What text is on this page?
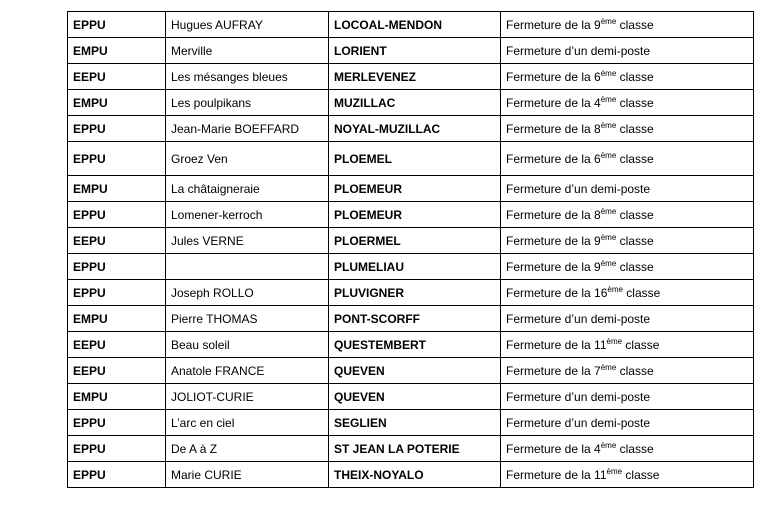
EPPU	Hugues AUFRAY	LOCOAL-MENDON	Fermeture de la 9ème classe
EMPU	Merville	LORIENT	Fermeture d’un demi-poste
EEPU	Les mésanges bleues	MERLEVENEZ	Fermeture de la 6ème classe
EMPU	Les poulpikans	MUZILLAC	Fermeture de la 4ème classe
EPPU	Jean-Marie BOEFFARD	NOYAL-MUZILLAC	Fermeture de la 8ème classe
EPPU	Groez Ven	PLOEMEL	Fermeture de la 6ème classe
EMPU	La châtaigneraie	PLOEMEUR	Fermeture d’un demi-poste
EPPU	Lomener-kerroch	PLOEMEUR	Fermeture de la 8ème classe
EEPU	Jules VERNE	PLOERMEL	Fermeture de la 9ème classe
EPPU		PLUMELIAU	Fermeture de la 9ème classe
EPPU	Joseph ROLLO	PLUVIGNER	Fermeture de la 16ème classe
EMPU	Pierre THOMAS	PONT-SCORFF	Fermeture d’un demi-poste
EEPU	Beau soleil	QUESTEMBERT	Fermeture de la 11ème classe
EEPU	Anatole FRANCE	QUEVEN	Fermeture de la 7ème classe
EMPU	JOLIOT-CURIE	QUEVEN	Fermeture d’un demi-poste
EPPU	L’arc en ciel	SEGLIEN	Fermeture d’un demi-poste
EPPU	De A à Z	ST JEAN LA POTERIE	Fermeture de la 4ème classe
EPPU	Marie CURIE	THEIX-NOYALO	Fermeture de la 11ème classe
